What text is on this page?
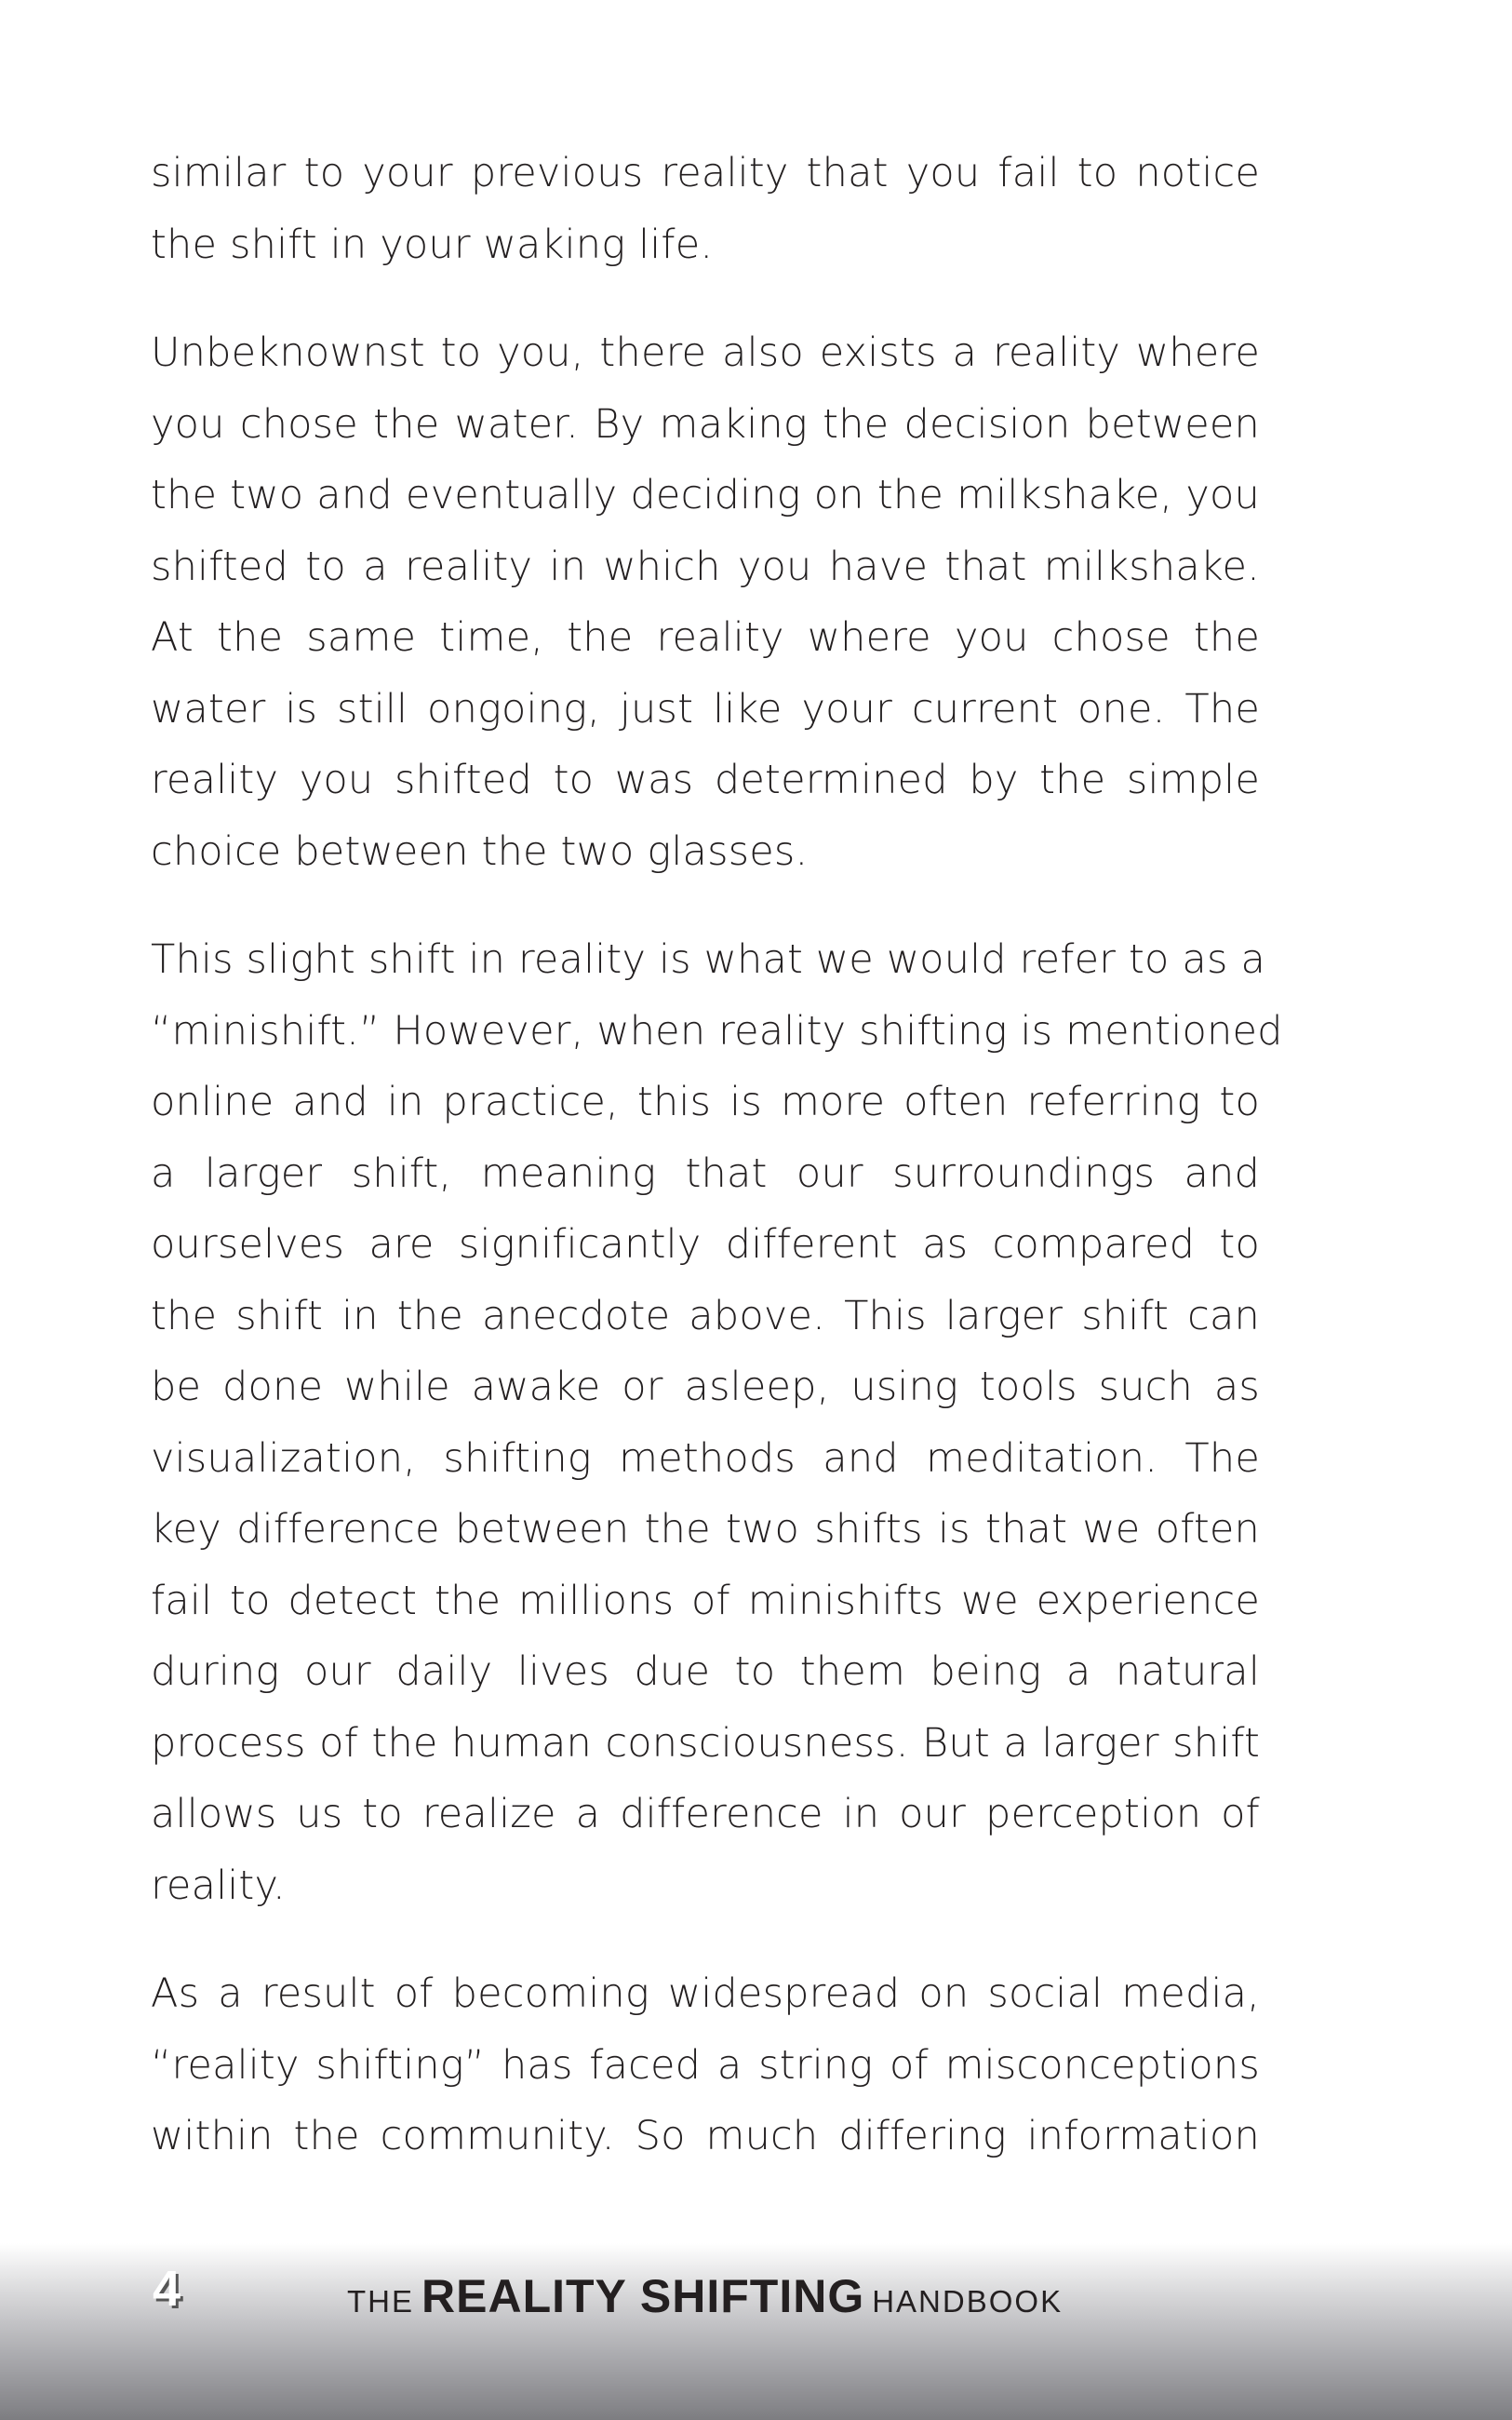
similar to your previous reality that you fail to notice
the shift in your waking life.
Unbeknownst to you, there also exists a reality where
you chose the water. By making the decision between
the two and eventually deciding on the milkshake, you
shifted to a reality in which you have that milkshake.
At the same time, the reality where you chose the
water is still ongoing, just like your current one. The
reality you shifted to was determined by the simple
choice between the two glasses.
This slight shift in reality is what we would refer to as a
“minishift.” However, when reality shifting is mentioned
online and in practice, this is more often referring to
a larger shift, meaning that our surroundings and
ourselves are significantly different as compared to
the shift in the anecdote above. This larger shift can
be done while awake or asleep, using tools such as
visualization, shifting methods and meditation. The
key difference between the two shifts is that we often
fail to detect the millions of minishifts we experience
during our daily lives due to them being a natural
process of the human consciousness. But a larger shift
allows us to realize a difference in our perception of
reality.
As a result of becoming widespread on social media,
“reality shifting” has faced a string of misconceptions
within the community. So much differing information
4	THE REALITY SHIFTING HANDBOOK
